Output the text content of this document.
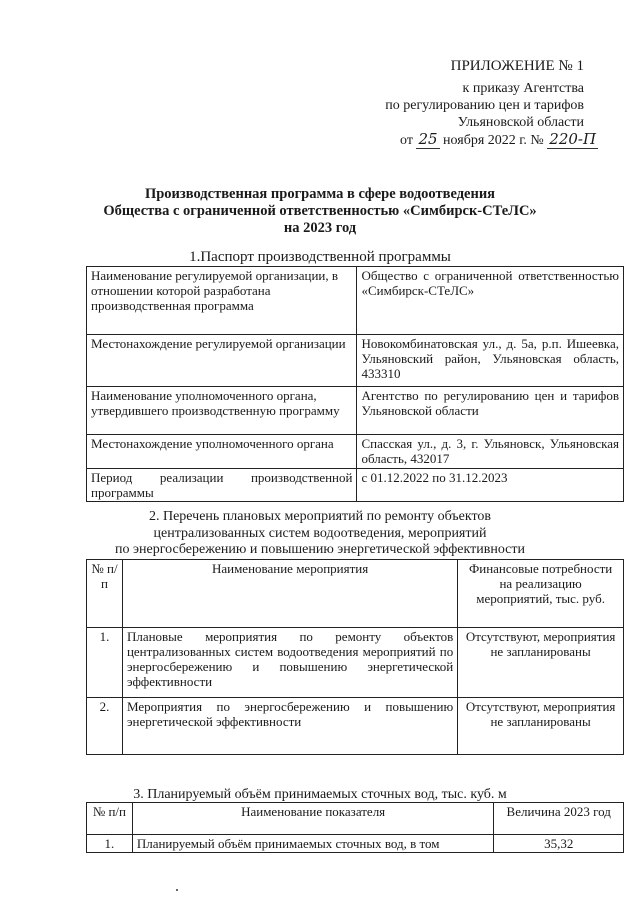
ПРИЛОЖЕНИЕ № 1
к приказу Агентства
по регулированию цен и тарифов
Ульяновской области
от 25 ноября 2022 г. № 220-П
Производственная программа в сфере водоотведения
Общества с ограниченной ответственностью «Симбирск-СТеЛС»
на 2023 год
1.Паспорт производственной программы
Наименование регулируемой организации, в отношении которой разработана производственная программа	Общество с ограниченной ответственностью «Симбирск-СТеЛС»
Местонахождение регулируемой организации	Новокомбинатовская ул., д. 5а, р.п. Ишеевка, Ульяновский район, Ульяновская область, 433310
Наименование уполномоченного органа, утвердившего производственную программу	Агентство по регулированию цен и тарифов Ульяновской области
Местонахождение уполномоченного органа	Спасская ул., д. 3, г. Ульяновск, Ульяновская область, 432017
Период реализации производственной программы	с 01.12.2022 по 31.12.2023
2. Перечень плановых мероприятий по ремонту объектов
централизованных систем водоотведения, мероприятий
по энергосбережению и повышению энергетической эффективности
№ п/п	Наименование мероприятия	Финансовые потребности на реализацию мероприятий, тыс. руб.
1.	Плановые мероприятия по ремонту объектов централизованных систем водоотведения мероприятий по энергосбережению и повышению энергетической эффективности	Отсутствуют, мероприятия не запланированы
2.	Мероприятия по энергосбережению и повышению энергетической эффективности	Отсутствуют, мероприятия не запланированы
3. Планируемый объём принимаемых сточных вод, тыс. куб. м
№ п/п	Наименование показателя	Величина 2023 год
1.	Планируемый объём принимаемых сточных вод, в том	35,32
